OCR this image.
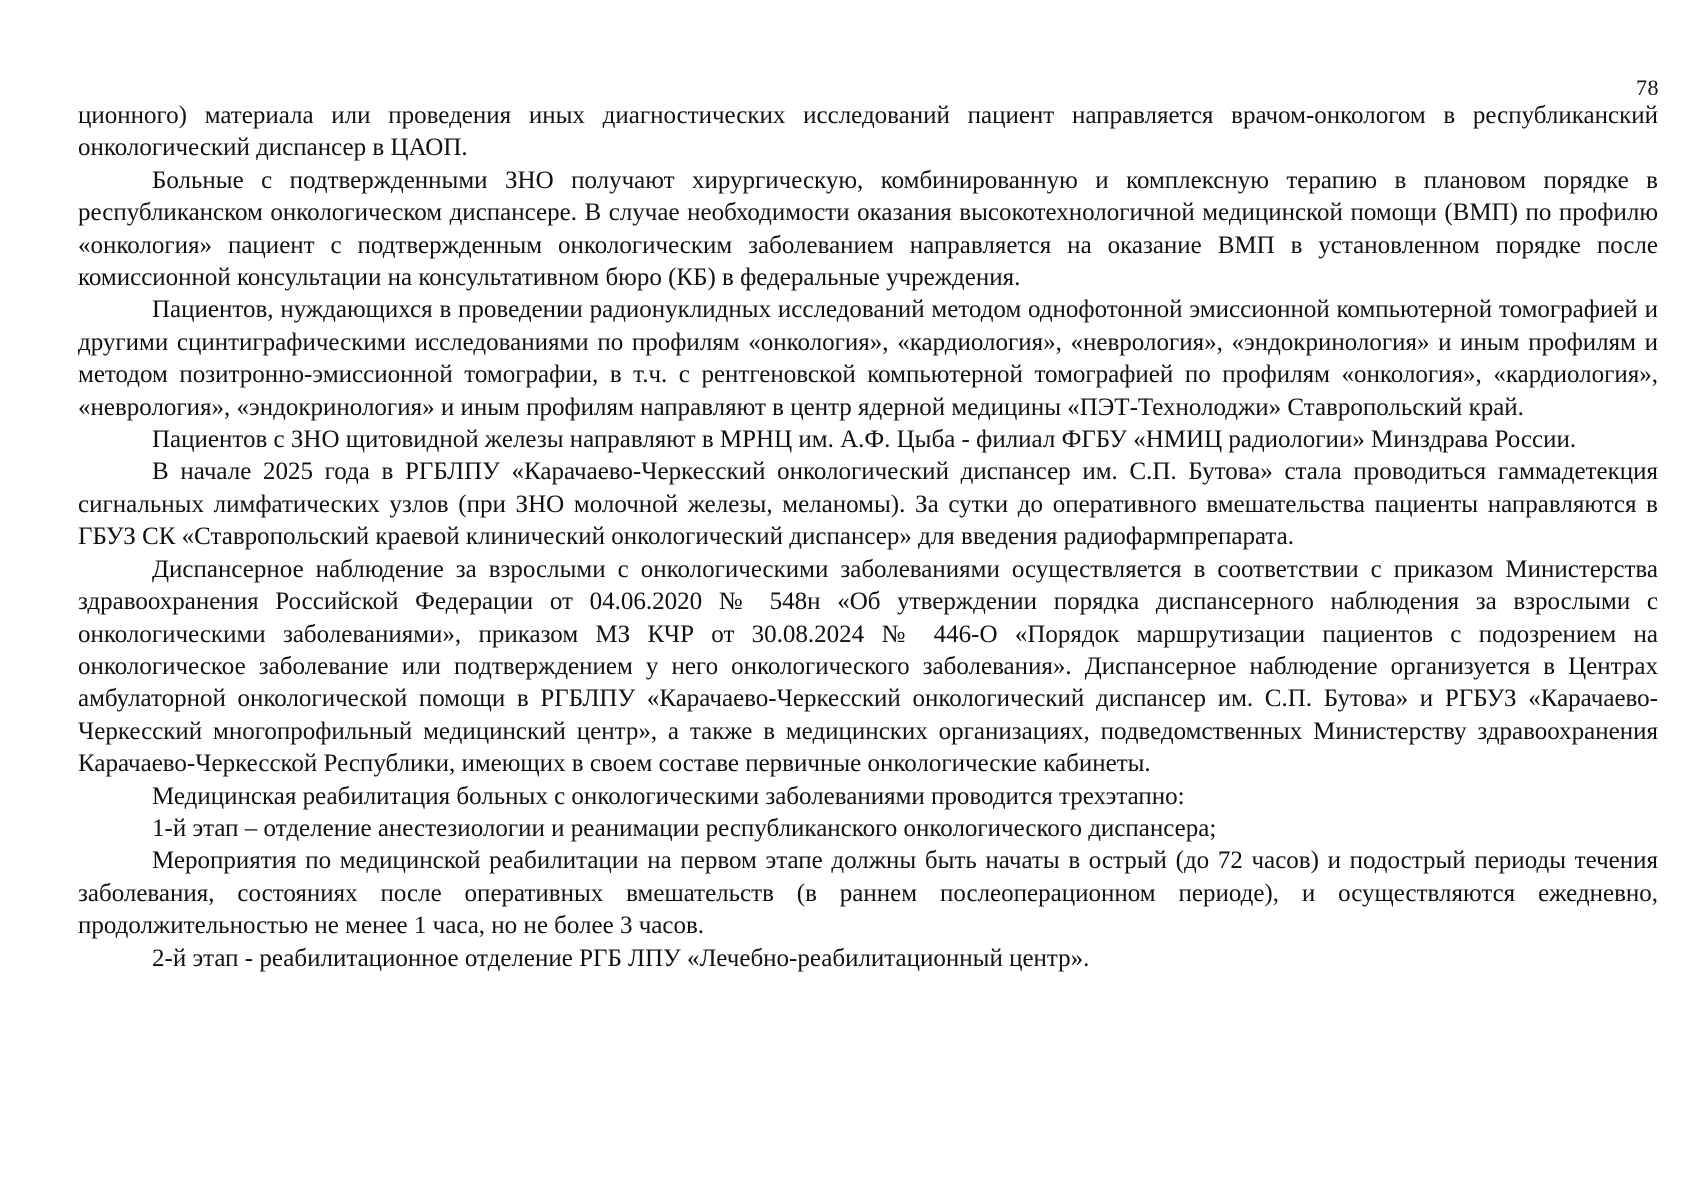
78

ционного) материала или проведения иных диагностических исследований пациент направляется врачом-онкологом в республиканский онкологический диспансер в ЦАОП.

Больные с подтвержденными ЗНО получают хирургическую, комбинированную и комплексную терапию в плановом порядке в республиканском онкологическом диспансере. В случае необходимости оказания высокотехнологичной медицинской помощи (ВМП) по профилю «онкология» пациент с подтвержденным онкологическим заболеванием направляется на оказание ВМП в установленном порядке после комиссионной консультации на консультативном бюро (КБ) в федеральные учреждения.

Пациентов, нуждающихся в проведении радионуклидных исследований методом однофотонной эмиссионной компьютерной томографией и другими сцинтиграфическими исследованиями по профилям «онкология», «кардиология», «неврология», «эндокринология» и иным профилям и методом позитронно-эмиссионной томографии, в т.ч. с рентгеновской компьютерной томографией по профилям «онкология», «кардиология», «неврология», «эндокринология» и иным профилям направляют в центр ядерной медицины «ПЭТ-Технолоджи» Ставропольский край.

Пациентов с ЗНО щитовидной железы направляют в МРНЦ им. А.Ф. Цыба - филиал ФГБУ «НМИЦ радиологии» Минздрава России.

В начале 2025 года в РГБЛПУ «Карачаево-Черкесский онкологический диспансер им. С.П. Бутова» стала проводиться гаммадетекция сигнальных лимфатических узлов (при ЗНО молочной железы, меланомы). За сутки до оперативного вмешательства пациенты направляются в ГБУЗ СК «Ставропольский краевой клинический онкологический диспансер» для введения радиофармпрепарата.

Диспансерное наблюдение за взрослыми с онкологическими заболеваниями осуществляется в соответствии с приказом Министерства здравоохранения Российской Федерации от 04.06.2020 № 548н «Об утверждении порядка диспансерного наблюдения за взрослыми с онкологическими заболеваниями», приказом МЗ КЧР от 30.08.2024 № 446-О «Порядок маршрутизации пациентов с подозрением на онкологическое заболевание или подтверждением у него онкологического заболевания». Диспансерное наблюдение организуется в Центрах амбулаторной онкологической помощи в РГБЛПУ «Карачаево-Черкесский онкологический диспансер им. С.П. Бутова» и РГБУЗ «Карачаево-Черкесский многопрофильный медицинский центр», а также в медицинских организациях, подведомственных Министерству здравоохранения Карачаево-Черкесской Республики, имеющих в своем составе первичные онкологические кабинеты.

Медицинская реабилитация больных с онкологическими заболеваниями проводится трехэтапно:

1-й этап – отделение анестезиологии и реанимации республиканского онкологического диспансера;

Мероприятия по медицинской реабилитации на первом этапе должны быть начаты в острый (до 72 часов) и подострый периоды течения заболевания, состояниях после оперативных вмешательств (в раннем послеоперационном периоде), и осуществляются ежедневно, продолжительностью не менее 1 часа, но не более 3 часов.

2-й этап - реабилитационное отделение РГБ ЛПУ «Лечебно-реабилитационный центр».
